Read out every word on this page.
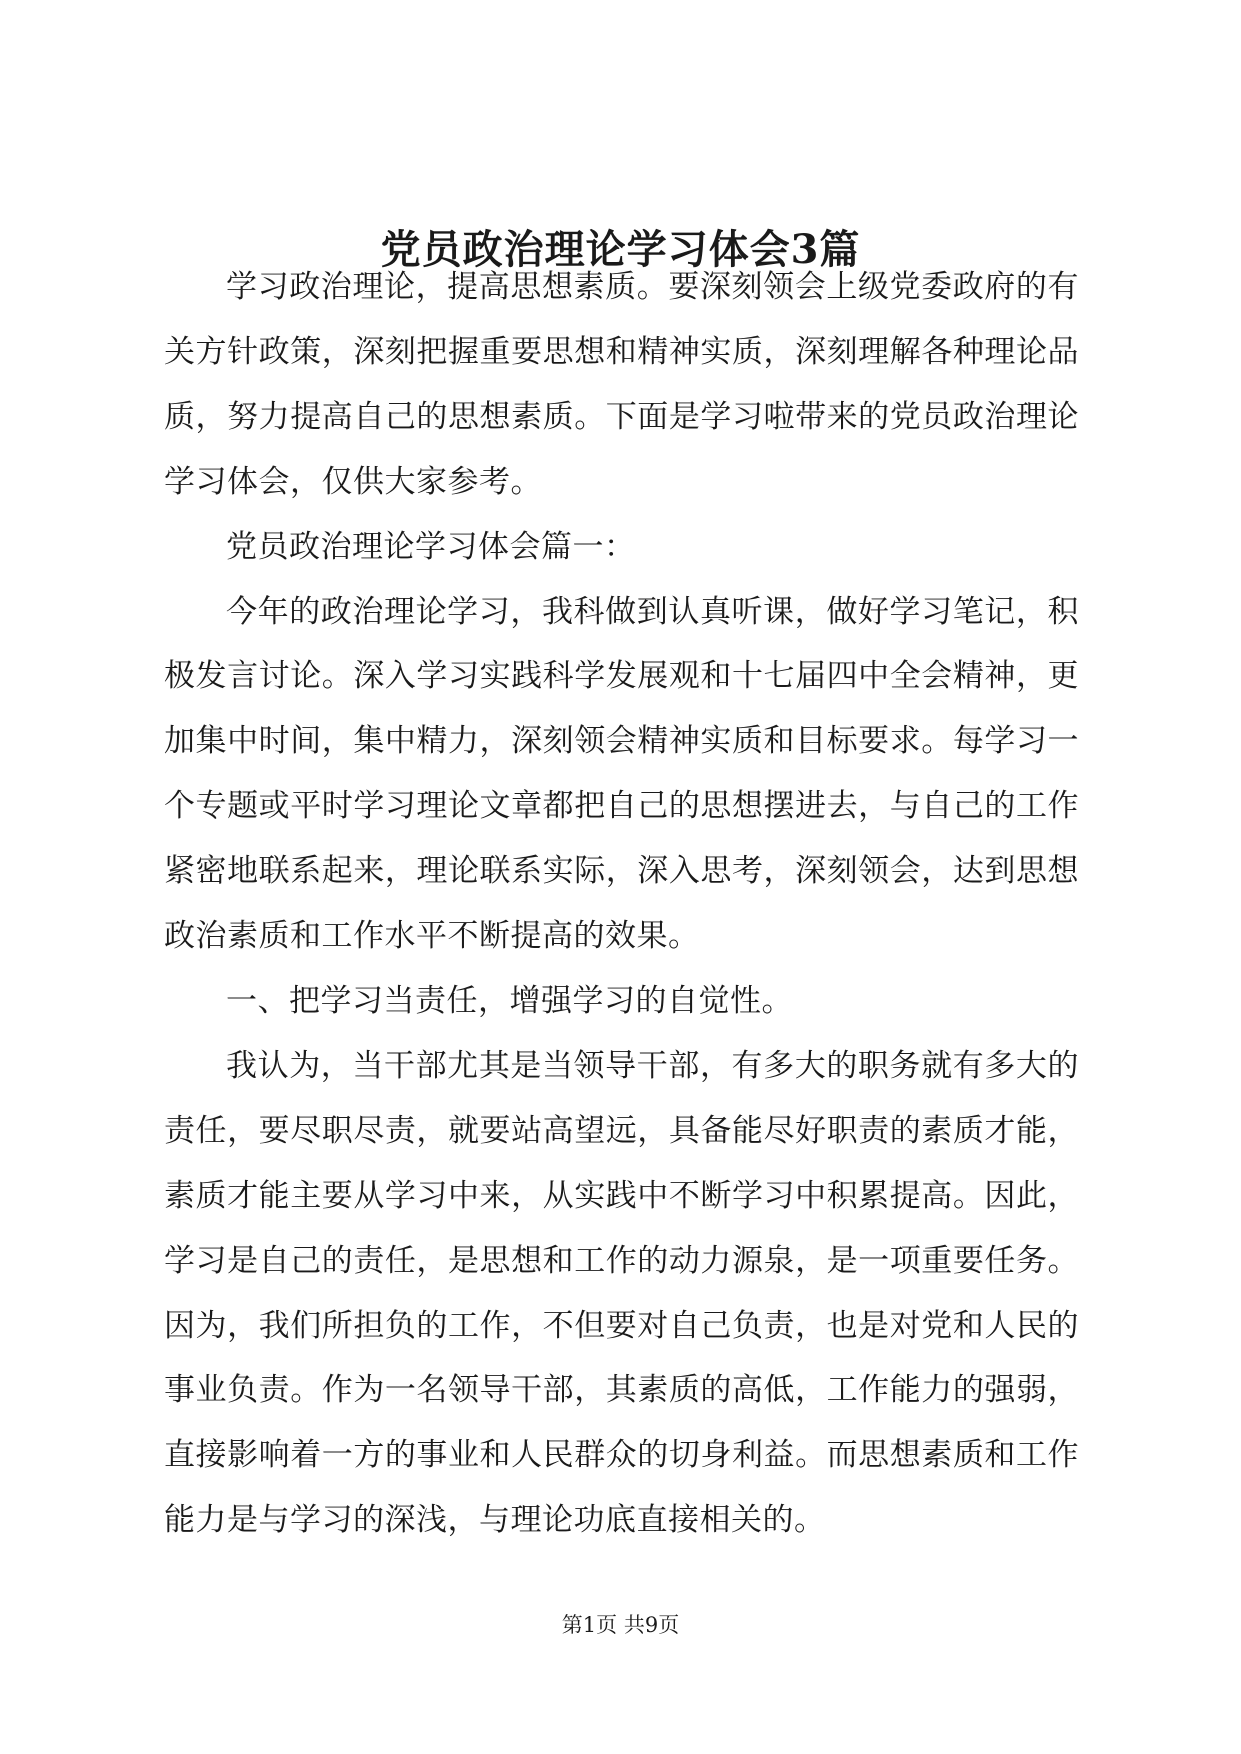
党员政治理论学习体会3篇

学习政治理论，提高思想素质。要深刻领会上级党委政府的有关方针政策，深刻把握重要思想和精神实质，深刻理解各种理论品质，努力提高自己的思想素质。下面是学习啦带来的党员政治理论学习体会，仅供大家参考。

党员政治理论学习体会篇一：

今年的政治理论学习，我科做到认真听课，做好学习笔记，积极发言讨论。深入学习实践科学发展观和十七届四中全会精神，更加集中时间，集中精力，深刻领会精神实质和目标要求。每学习一个专题或平时学习理论文章都把自己的思想摆进去，与自己的工作紧密地联系起来，理论联系实际，深入思考，深刻领会，达到思想政治素质和工作水平不断提高的效果。

一、把学习当责任，增强学习的自觉性。

我认为，当干部尤其是当领导干部，有多大的职务就有多大的责任，要尽职尽责，就要站高望远，具备能尽好职责的素质才能，素质才能主要从学习中来，从实践中不断学习中积累提高。因此，学习是自己的责任，是思想和工作的动力源泉，是一项重要任务。因为，我们所担负的工作，不但要对自己负责，也是对党和人民的事业负责。作为一名领导干部，其素质的高低，工作能力的强弱，直接影响着一方的事业和人民群众的切身利益。而思想素质和工作能力是与学习的深浅，与理论功底直接相关的。

第1页 共9页
